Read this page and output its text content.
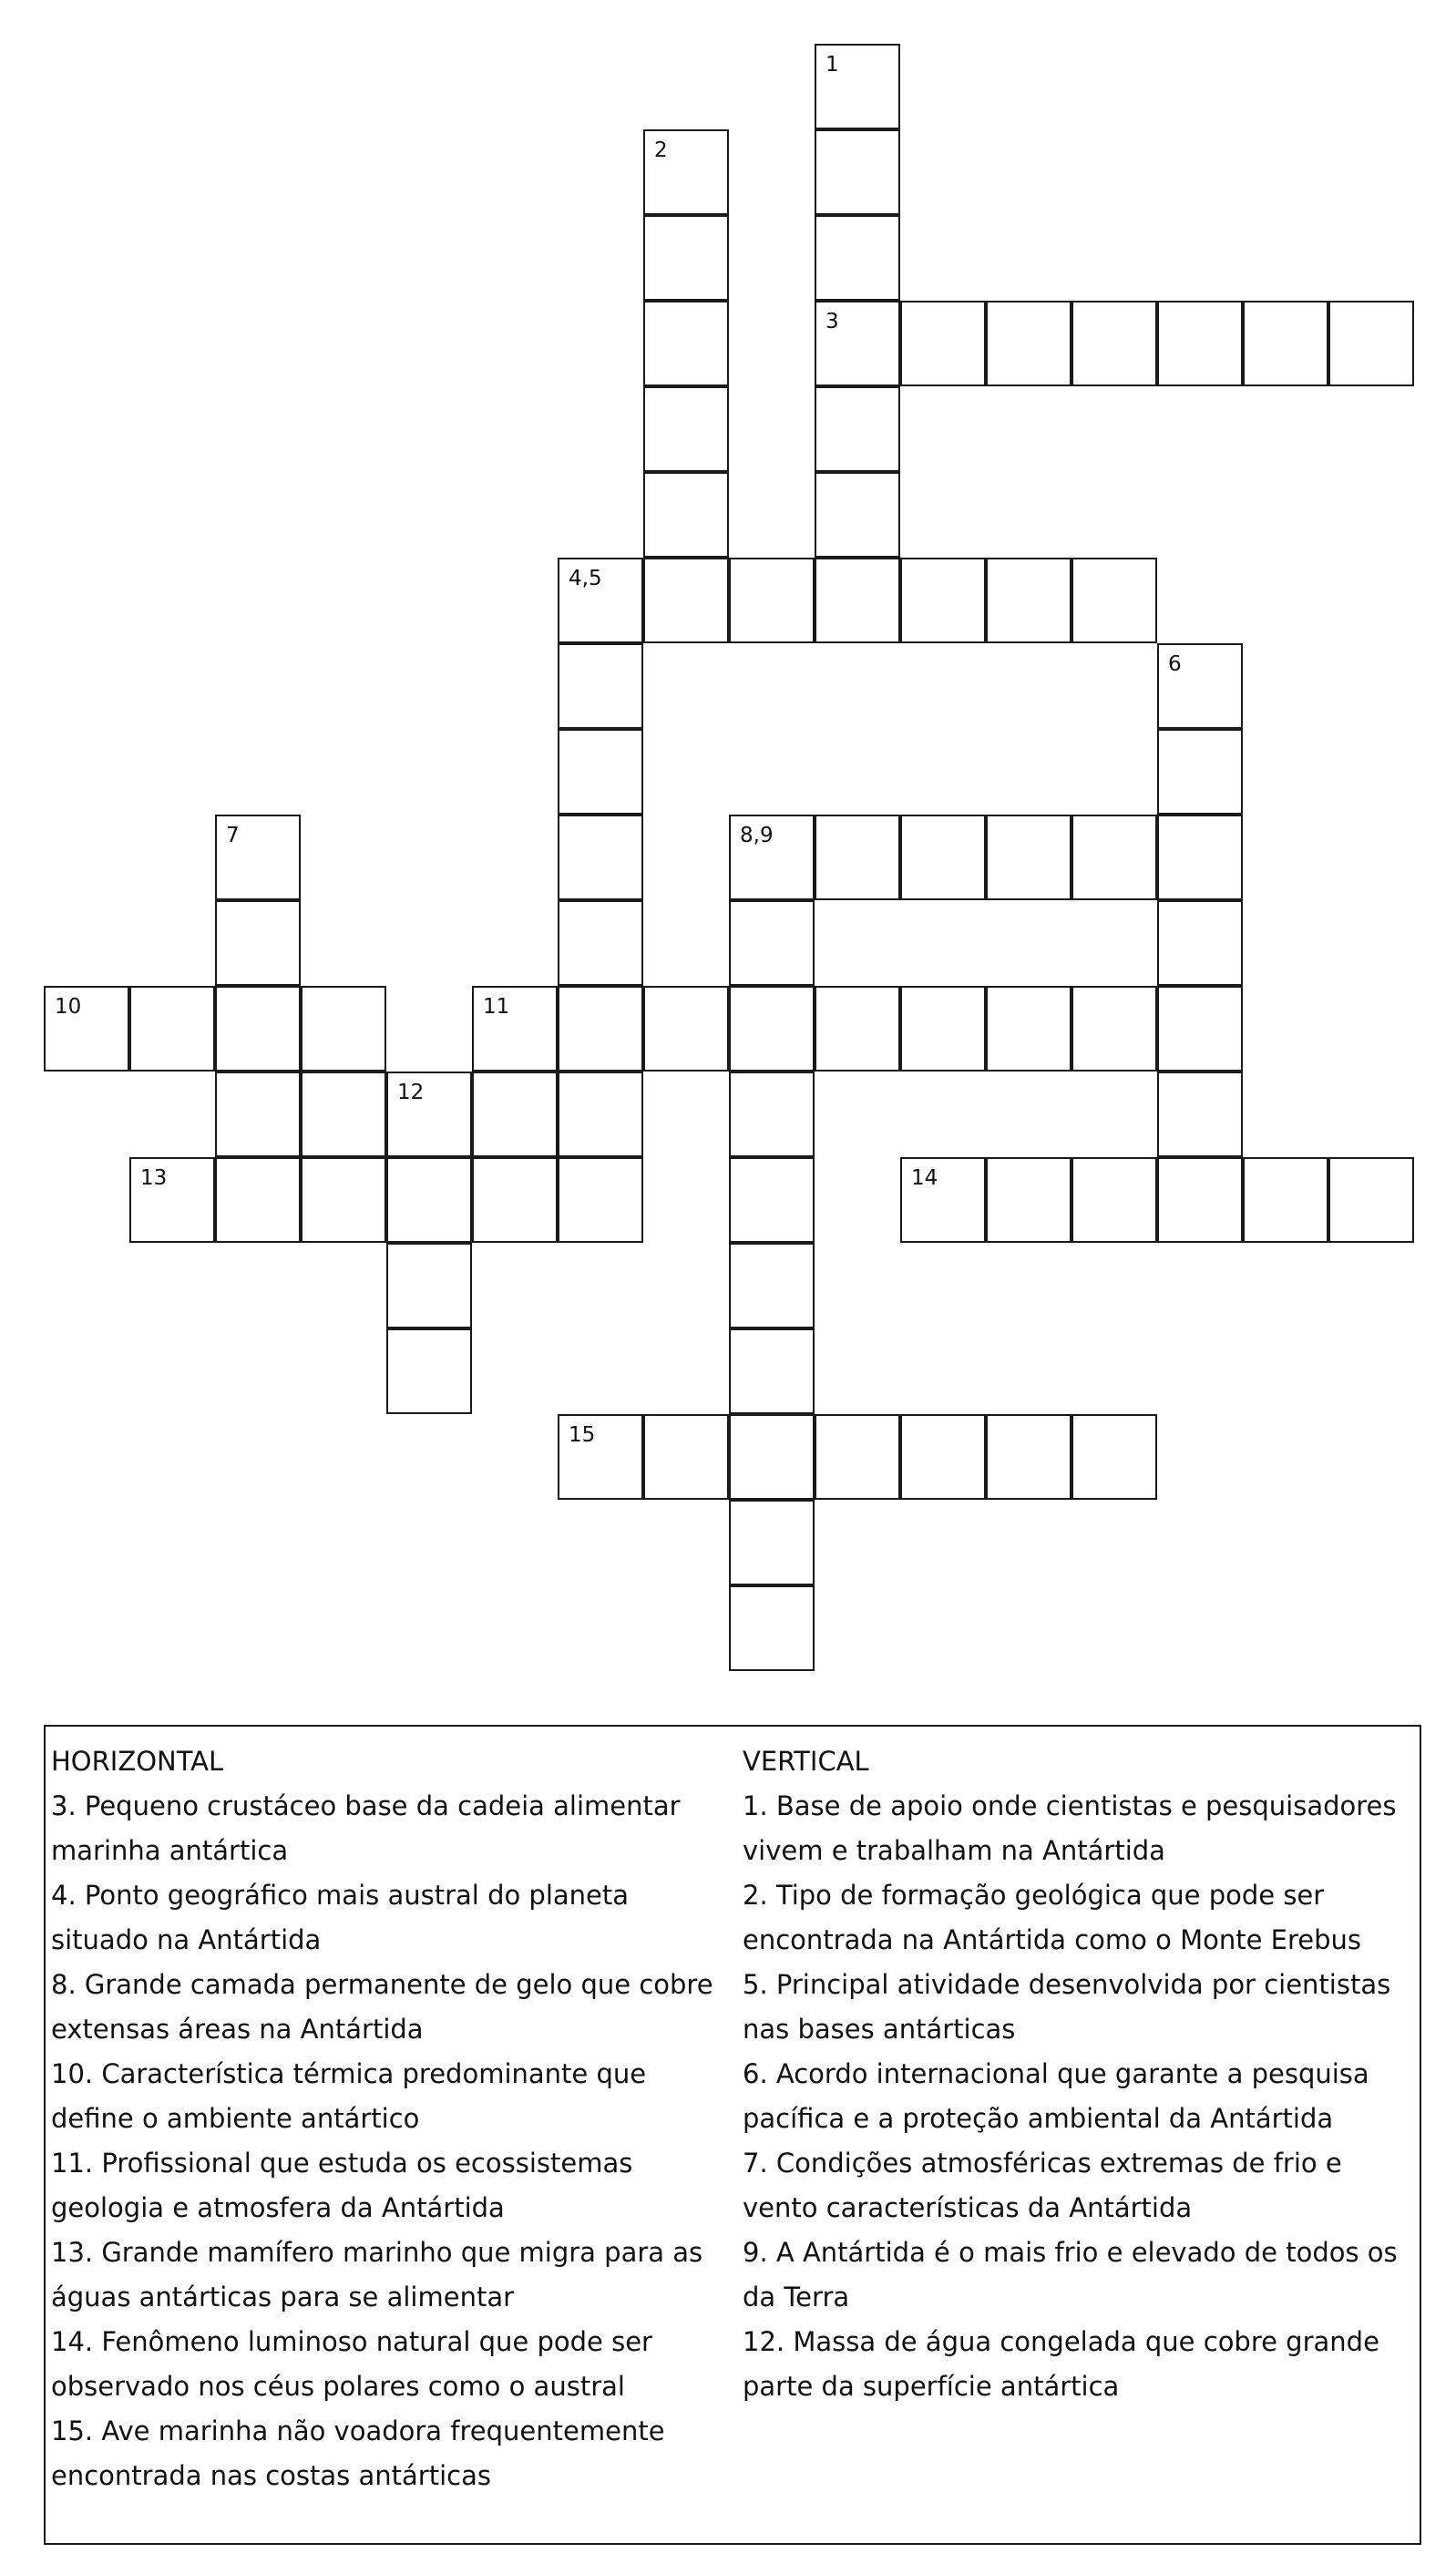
1
3
2
4,5
6
7	8,9
10	11
12
13	14
15
HORIZONTAL
3. Pequeno crustáceo base da cadeia alimentar marinha antártica
4. Ponto geográfico mais austral do planeta situado na Antártida
8. Grande camada permanente de gelo que cobre extensas áreas na Antártida
10. Característica térmica predominante que define o ambiente antártico
11. Profissional que estuda os ecossistemas geologia e atmosfera da Antártida
13. Grande mamífero marinho que migra para as águas antárticas para se alimentar
14. Fenômeno luminoso natural que pode ser observado nos céus polares como o austral
15. Ave marinha não voadora frequentemente encontrada nas costas antárticas
VERTICAL
1. Base de apoio onde cientistas e pesquisadores vivem e trabalham na Antártida
2. Tipo de formação geológica que pode ser encontrada na Antártida como o Monte Erebus
5. Principal atividade desenvolvida por cientistas nas bases antárticas
6. Acordo internacional que garante a pesquisa pacífica e a proteção ambiental da Antártida
7. Condições atmosféricas extremas de frio e vento características da Antártida
9. A Antártida é o mais frio e elevado de todos os da Terra
12. Massa de água congelada que cobre grande parte da superfície antártica
